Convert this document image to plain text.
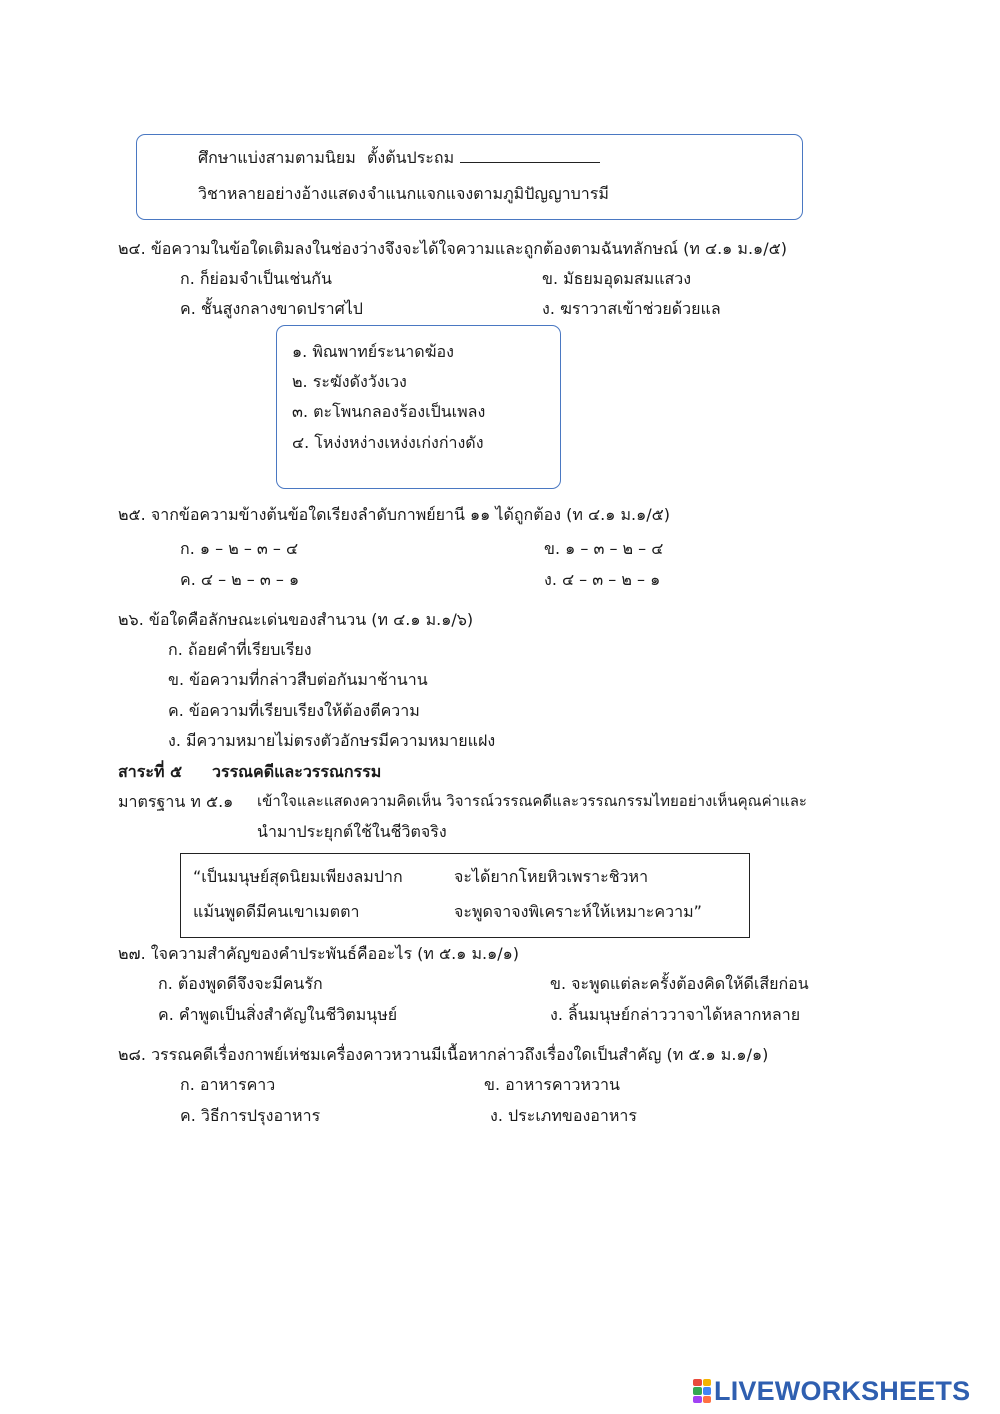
ศึกษาแบ่งสามตามนิยม ตั้งต้นประถม
วิชาหลายอย่างอ้างแสดง จำแนกแจกแจงตามภูมิปัญญาบารมี
๒๔. ข้อความในข้อใดเติมลงในช่องว่างจึงจะได้ใจความและถูกต้องตามฉันทลักษณ์ (ท ๔.๑ ม.๑/๕)
ก. ก็ย่อมจำเป็นเช่นกัน	ข. มัธยมอุดมสมแสวง
ค. ชั้นสูงกลางขาดปราศไป	ง. ฆราวาสเข้าช่วยด้วยแล
๑. พิณพาทย์ระนาดฆ้อง
๒. ระฆังดังวังเวง
๓. ตะโพนกลองร้องเป็นเพลง
๔. โหง่งหง่างเหง่งเก่งก่างดัง
๒๕. จากข้อความข้างต้นข้อใดเรียงลำดับกาพย์ยานี ๑๑ ได้ถูกต้อง (ท ๔.๑ ม.๑/๕)
ก. ๑ – ๒ – ๓ – ๔	ข. ๑ – ๓ – ๒ – ๔
ค. ๔ – ๒ – ๓ – ๑	ง. ๔ – ๓ – ๒ – ๑
๒๖. ข้อใดคือลักษณะเด่นของสำนวน (ท ๔.๑ ม.๑/๖)
ก. ถ้อยคำที่เรียบเรียง
ข. ข้อความที่กล่าวสืบต่อกันมาช้านาน
ค. ข้อความที่เรียบเรียงให้ต้องตีความ
ง. มีความหมายไม่ตรงตัวอักษรมีความหมายแฝง
สาระที่ ๕ วรรณคดีและวรรณกรรม
มาตรฐาน ท ๕.๑ เข้าใจและแสดงความคิดเห็น วิจารณ์วรรณคดีและวรรณกรรมไทยอย่างเห็นคุณค่าและ
นำมาประยุกต์ใช้ในชีวิตจริง
“เป็นมนุษย์สุดนิยมเพียงลมปาก	จะได้ยากโหยหิวเพราะชิวหา
แม้นพูดดีมีคนเขาเมตตา	จะพูดจาจงพิเคราะห์ให้เหมาะความ”
๒๗. ใจความสำคัญของคำประพันธ์คืออะไร (ท ๕.๑ ม.๑/๑)
ก. ต้องพูดดีจึงจะมีคนรัก	ข. จะพูดแต่ละครั้งต้องคิดให้ดีเสียก่อน
ค. คำพูดเป็นสิ่งสำคัญในชีวิตมนุษย์	ง. ลิ้นมนุษย์กล่าววาจาได้หลากหลาย
๒๘. วรรณคดีเรื่องกาพย์เห่ชมเครื่องคาวหวานมีเนื้อหากล่าวถึงเรื่องใดเป็นสำคัญ (ท ๕.๑ ม.๑/๑)
ก. อาหารคาว	ข. อาหารคาวหวาน
ค. วิธีการปรุงอาหาร	ง. ประเภทของอาหาร
LIVEWORKSHEETS
